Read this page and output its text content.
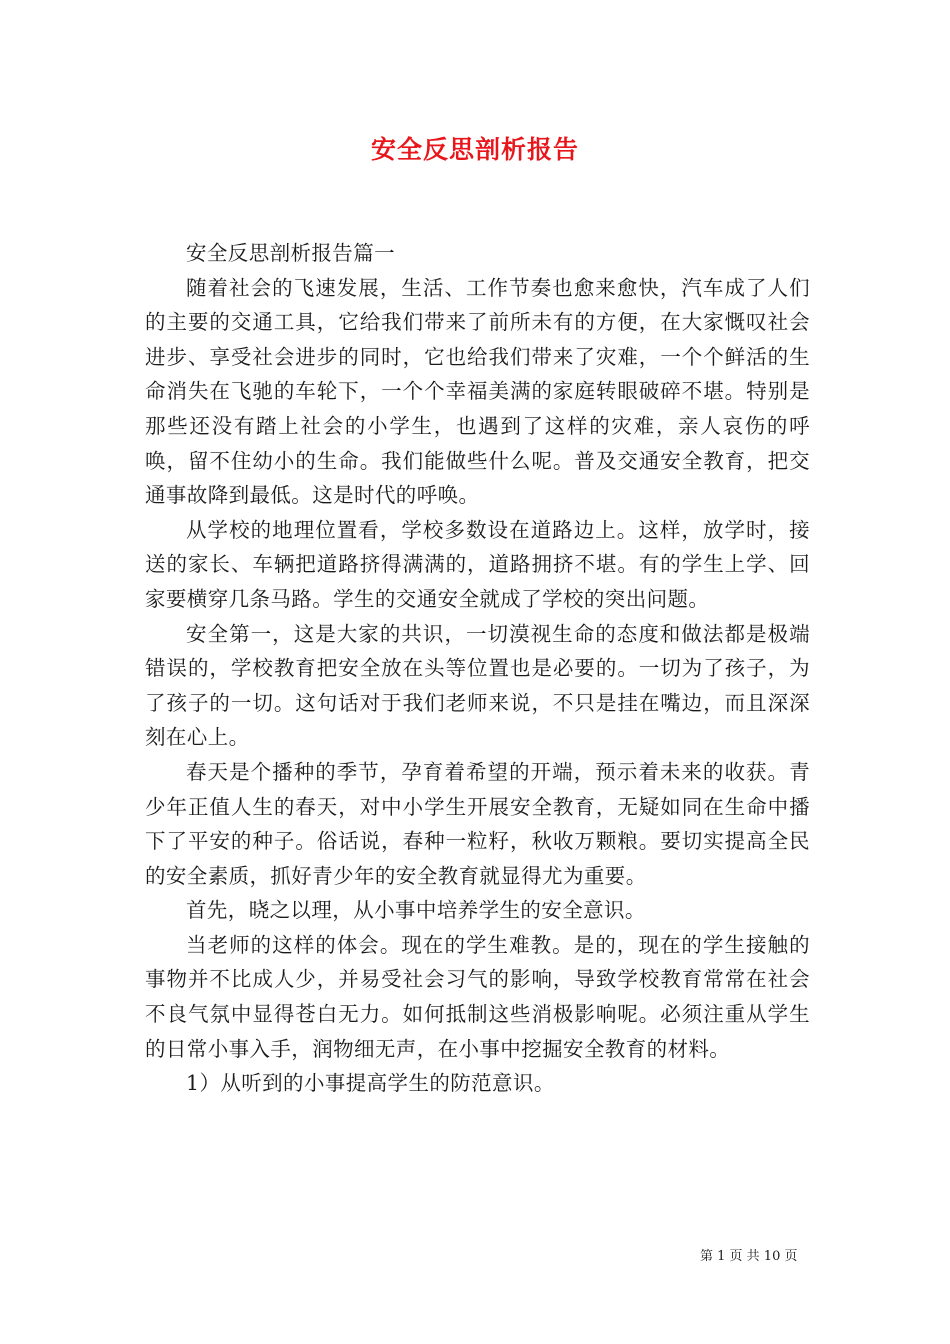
安全反思剖析报告

安全反思剖析报告篇一

随着社会的飞速发展，生活、工作节奏也愈来愈快，汽车成了人们的主要的交通工具，它给我们带来了前所未有的方便，在大家慨叹社会进步、享受社会进步的同时，它也给我们带来了灾难，一个个鲜活的生命消失在飞驰的车轮下，一个个幸福美满的家庭转眼破碎不堪。特别是那些还没有踏上社会的小学生，也遇到了这样的灾难，亲人哀伤的呼唤，留不住幼小的生命。我们能做些什么呢。普及交通安全教育，把交通事故降到最低。这是时代的呼唤。

从学校的地理位置看，学校多数设在道路边上。这样，放学时，接送的家长、车辆把道路挤得满满的，道路拥挤不堪。有的学生上学、回家要横穿几条马路。学生的交通安全就成了学校的突出问题。

安全第一，这是大家的共识，一切漠视生命的态度和做法都是极端错误的，学校教育把安全放在头等位置也是必要的。一切为了孩子，为了孩子的一切。这句话对于我们老师来说，不只是挂在嘴边，而且深深刻在心上。

春天是个播种的季节，孕育着希望的开端，预示着未来的收获。青少年正值人生的春天，对中小学生开展安全教育，无疑如同在生命中播下了平安的种子。俗话说，春种一粒籽，秋收万颗粮。要切实提高全民的安全素质，抓好青少年的安全教育就显得尤为重要。

首先，晓之以理，从小事中培养学生的安全意识。

当老师的这样的体会。现在的学生难教。是的，现在的学生接触的事物并不比成人少，并易受社会习气的影响，导致学校教育常常在社会不良气氛中显得苍白无力。如何抵制这些消极影响呢。必须注重从学生的日常小事入手，润物细无声，在小事中挖掘安全教育的材料。

1）从听到的小事提高学生的防范意识。

第 1 页 共 10 页
